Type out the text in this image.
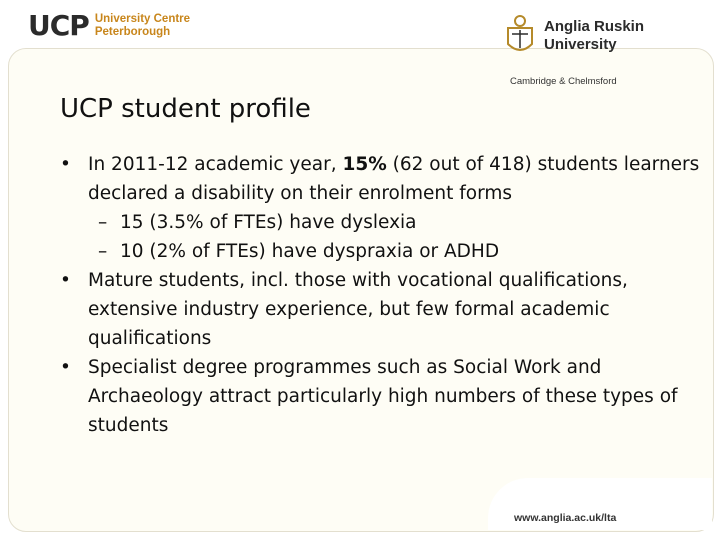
UCP University Centre
Peterborough	Anglia Ruskin
University
Cambridge & Chelmsford
UCP student profile
• In 2011-12 academic year, 15% (62 out of 418) students learners declared a disability on their enrolment forms
– 15 (3.5% of FTEs) have dyslexia
– 10 (2% of FTEs) have dyspraxia or ADHD
• Mature students, incl. those with vocational qualifications, extensive industry experience, but few formal academic qualifications
• Specialist degree programmes such as Social Work and Archaeology attract particularly high numbers of these types of students
www.anglia.ac.uk/lta
